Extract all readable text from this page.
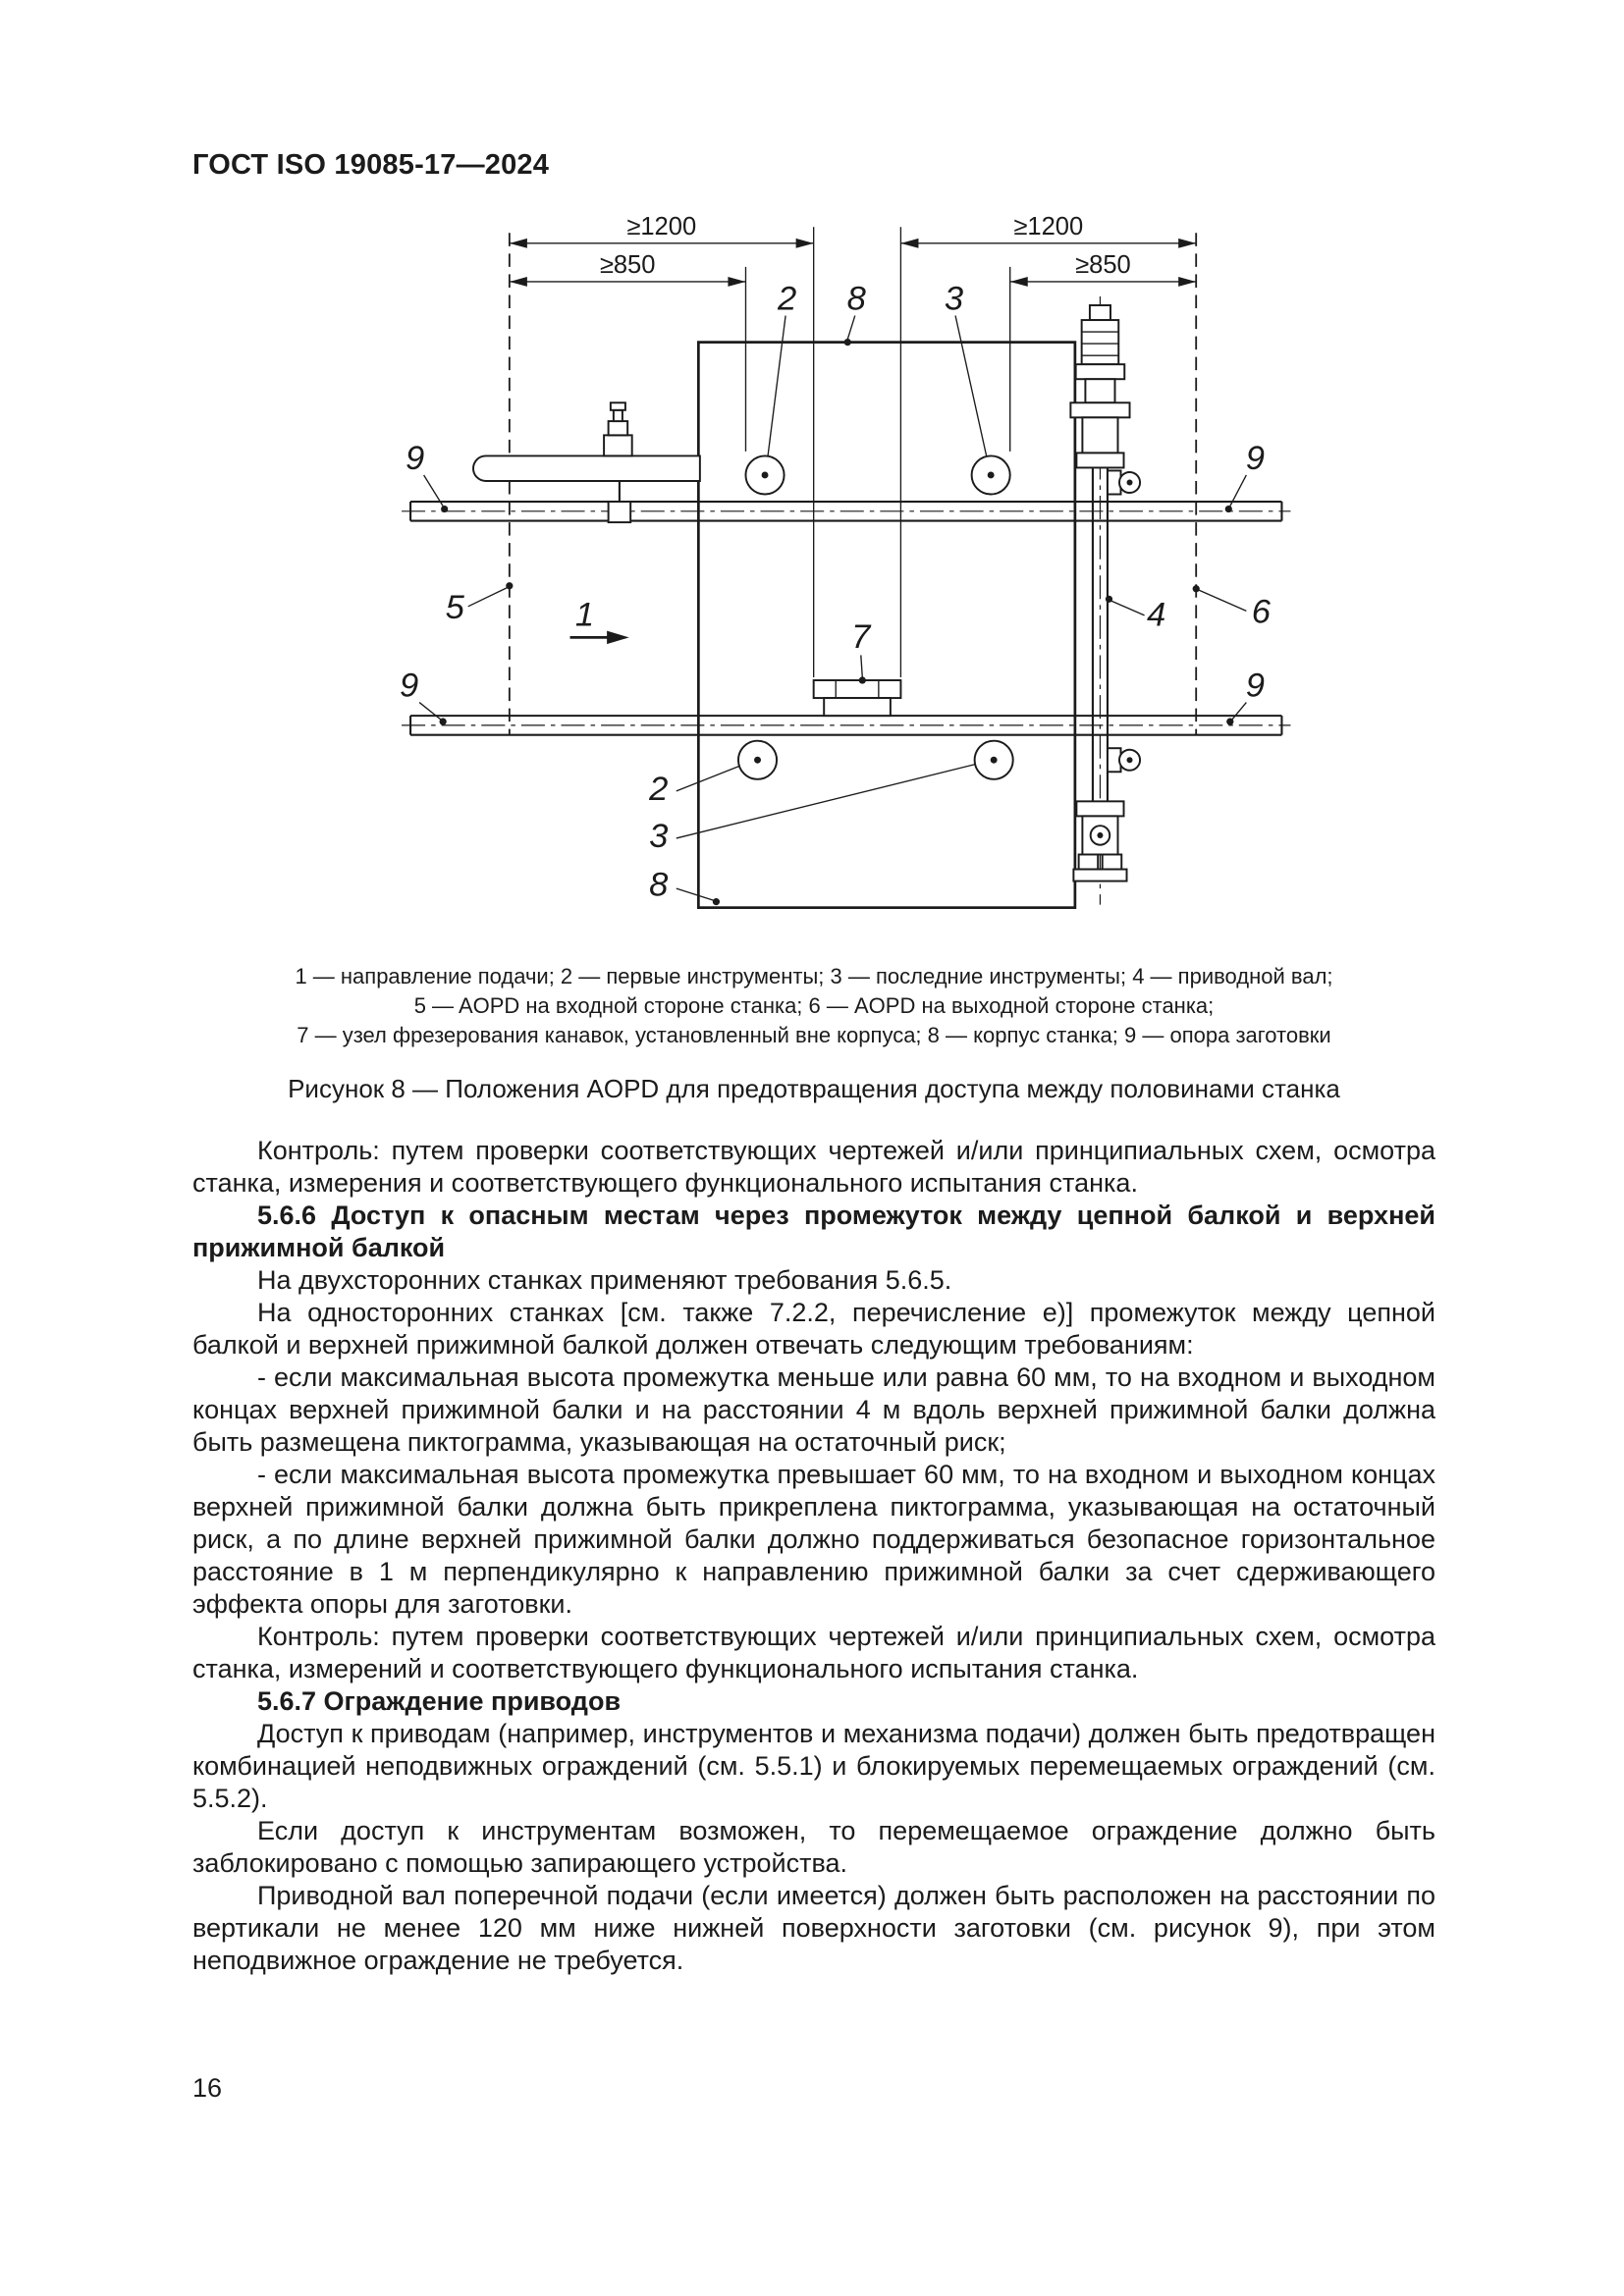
ГОСТ ISO 19085-17—2024
≥1200	≥1200
≥850	≥850
2 8	3
9	9
5	1
7
4	6
9	9
2
3
8
1 — направление подачи; 2 — первые инструменты; 3 — последние инструменты; 4 — приводной вал;
5 — AOPD на входной стороне станка; 6 — AOPD на выходной стороне станка;
7 — узел фрезерования канавок, установленный вне корпуса; 8 — корпус станка; 9 — опора заготовки
Рисунок 8 — Положения AOPD для предотвращения доступа между половинами станка

Контроль: путем проверки соответствующих чертежей и/или принципиальных схем, осмотра станка, измерения и соответствующего функционального испытания станка.

5.6.6 Доступ к опасным местам через промежуток между цепной балкой и верхней прижимной балкой

На двухсторонних станках применяют требования 5.6.5.

На односторонних станках [см. также 7.2.2, перечисление е)] промежуток между цепной балкой и верхней прижимной балкой должен отвечать следующим требованиям:

- если максимальная высота промежутка меньше или равна 60 мм, то на входном и выходном концах верхней прижимной балки и на расстоянии 4 м вдоль верхней прижимной балки должна быть размещена пиктограмма, указывающая на остаточный риск;

- если максимальная высота промежутка превышает 60 мм, то на входном и выходном концах верхней прижимной балки должна быть прикреплена пиктограмма, указывающая на остаточный риск, а по длине верхней прижимной балки должно поддерживаться безопасное горизонтальное расстояние в 1 м перпендикулярно к направлению прижимной балки за счет сдерживающего эффекта опоры для заготовки.

Контроль: путем проверки соответствующих чертежей и/или принципиальных схем, осмотра станка, измерений и соответствующего функционального испытания станка.

5.6.7 Ограждение приводов

Доступ к приводам (например, инструментов и механизма подачи) должен быть предотвращен комбинацией неподвижных ограждений (см. 5.5.1) и блокируемых перемещаемых ограждений (см. 5.5.2).

Если доступ к инструментам возможен, то перемещаемое ограждение должно быть заблокировано с помощью запирающего устройства.

Приводной вал поперечной подачи (если имеется) должен быть расположен на расстоянии по вертикали не менее 120 мм ниже нижней поверхности заготовки (см. рисунок 9), при этом неподвижное ограждение не требуется.

16
